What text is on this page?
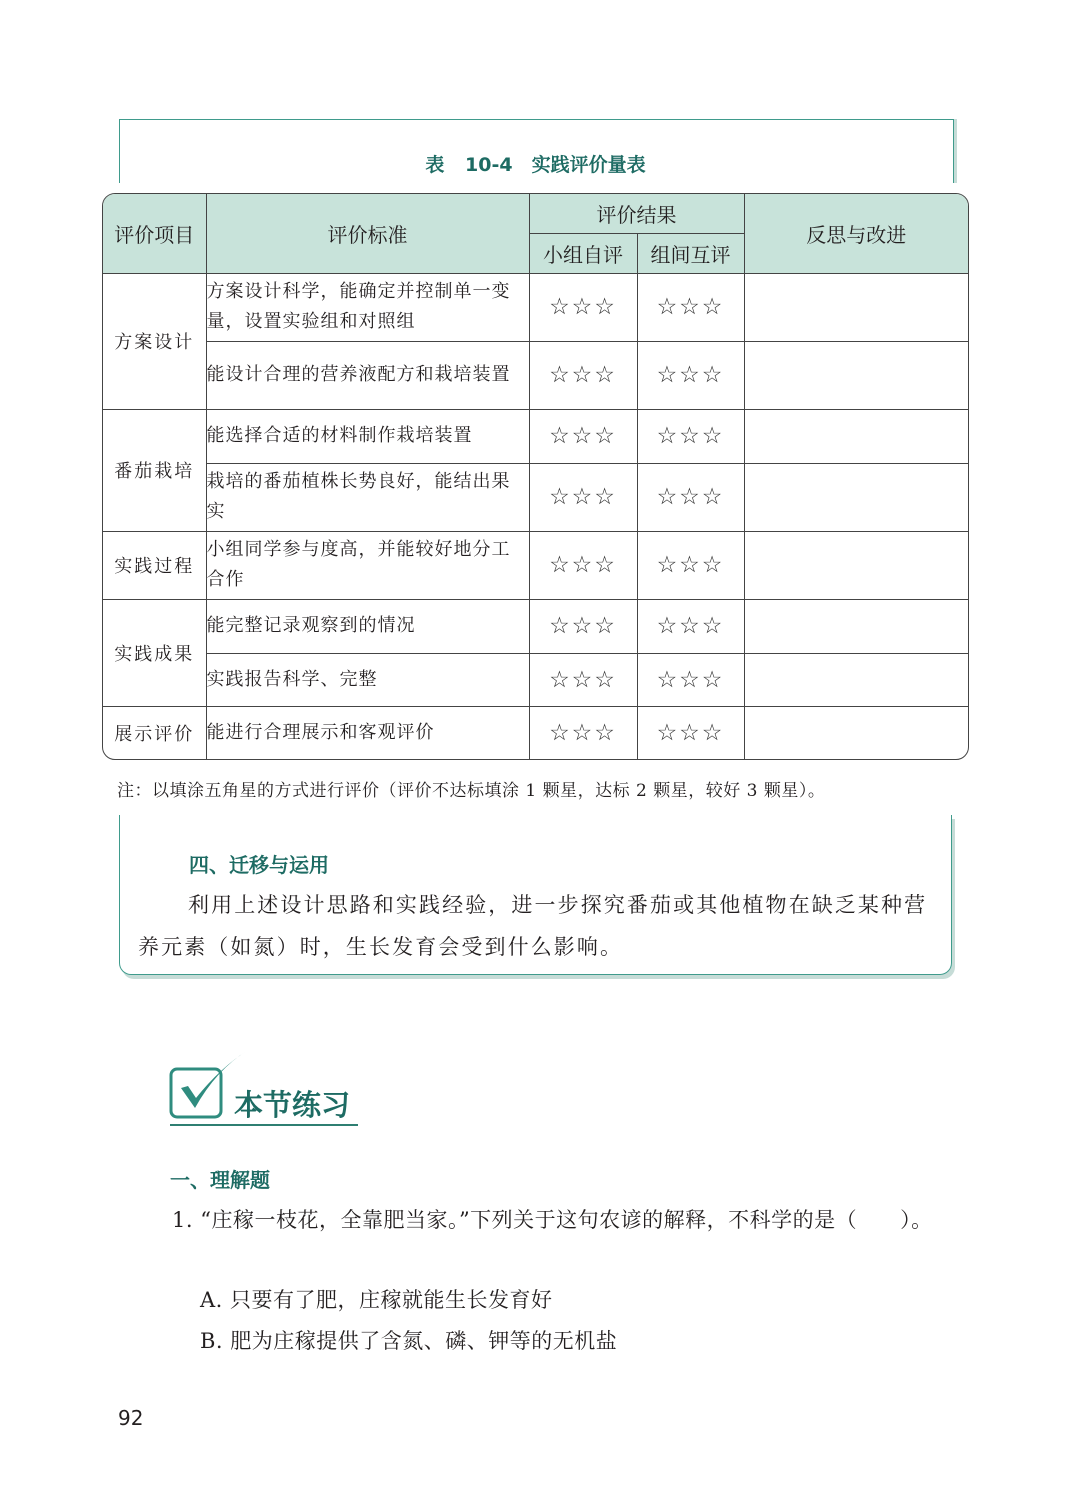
表 10-4　实践评价量表
评价项目	评价标准	评价结果		反思与改进
		小组自评	组间互评	
方案设计	方案设计科学，能确定并控制单一变量，设置实验组和对照组	☆☆☆	☆☆☆	
	能设计合理的营养液配方和栽培装置	☆☆☆	☆☆☆	
番茄栽培	能选择合适的材料制作栽培装置	☆☆☆	☆☆☆	
	栽培的番茄植株长势良好，能结出果实	☆☆☆	☆☆☆	
实践过程	小组同学参与度高，并能较好地分工合作	☆☆☆	☆☆☆	
实践成果	能完整记录观察到的情况	☆☆☆	☆☆☆	
	实践报告科学、完整	☆☆☆	☆☆☆	
展示评价	能进行合理展示和客观评价	☆☆☆	☆☆☆	
注：以填涂五角星的方式进行评价（评价不达标填涂 1 颗星，达标 2 颗星，较好 3 颗星）。
四、迁移与运用
利用上述设计思路和实践经验，进一步探究番茄或其他植物在缺乏某种营养元素（如氮）时，生长发育会受到什么影响。
本节练习
一、理解题
1. “庄稼一枝花，全靠肥当家。”下列关于这句农谚的解释，不科学的是（　　）。
A. 只要有了肥，庄稼就能生长发育好
B. 肥为庄稼提供了含氮、磷、钾等的无机盐
92
